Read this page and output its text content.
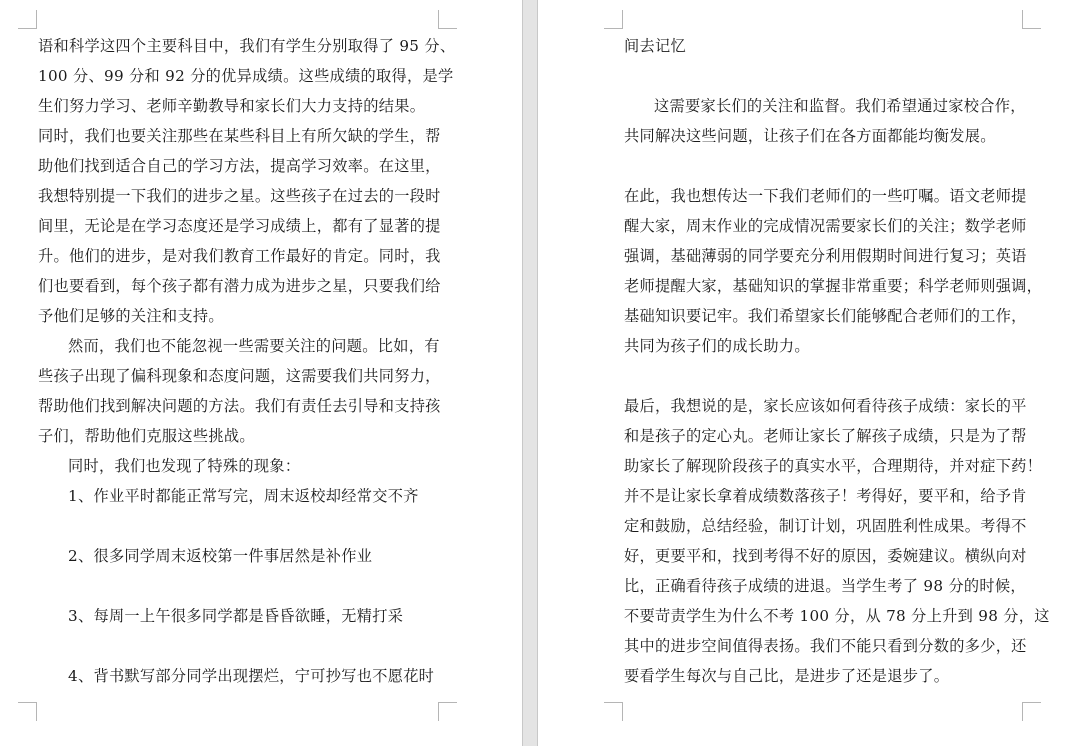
语和科学这四个主要科目中，我们有学生分别取得了 95 分、
100 分、99 分和 92 分的优异成绩。这些成绩的取得，是学
生们努力学习、老师辛勤教导和家长们大力支持的结果。
同时，我们也要关注那些在某些科目上有所欠缺的学生，帮
助他们找到适合自己的学习方法，提高学习效率。在这里，
我想特别提一下我们的进步之星。这些孩子在过去的一段时
间里，无论是在学习态度还是学习成绩上，都有了显著的提
升。他们的进步，是对我们教育工作最好的肯定。同时，我
们也要看到，每个孩子都有潜力成为进步之星，只要我们给
予他们足够的关注和支持。
然而，我们也不能忽视一些需要关注的问题。比如，有
些孩子出现了偏科现象和态度问题，这需要我们共同努力，
帮助他们找到解决问题的方法。我们有责任去引导和支持孩
子们，帮助他们克服这些挑战。
同时，我们也发现了特殊的现象：
1、作业平时都能正常写完，周末返校却经常交不齐
2、很多同学周末返校第一件事居然是补作业
3、每周一上午很多同学都是昏昏欲睡，无精打采
4、背书默写部分同学出现摆烂，宁可抄写也不愿花时
间去记忆
这需要家长们的关注和监督。我们希望通过家校合作，
共同解决这些问题，让孩子们在各方面都能均衡发展。
在此，我也想传达一下我们老师们的一些叮嘱。语文老师提
醒大家，周末作业的完成情况需要家长们的关注；数学老师
强调，基础薄弱的同学要充分利用假期时间进行复习；英语
老师提醒大家，基础知识的掌握非常重要；科学老师则强调，
基础知识要记牢。我们希望家长们能够配合老师们的工作，
共同为孩子们的成长助力。
最后，我想说的是，家长应该如何看待孩子成绩：家长的平
和是孩子的定心丸。老师让家长了解孩子成绩，只是为了帮
助家长了解现阶段孩子的真实水平，合理期待，并对症下药！
并不是让家长拿着成绩数落孩子！考得好，要平和，给予肯
定和鼓励，总结经验，制订计划，巩固胜利性成果。考得不
好，更要平和，找到考得不好的原因，委婉建议。横纵向对
比，正确看待孩子成绩的进退。当学生考了 98 分的时候，
不要苛责学生为什么不考 100 分，从 78 分上升到 98 分，这
其中的进步空间值得表扬。我们不能只看到分数的多少，还
要看学生每次与自己比，是进步了还是退步了。
